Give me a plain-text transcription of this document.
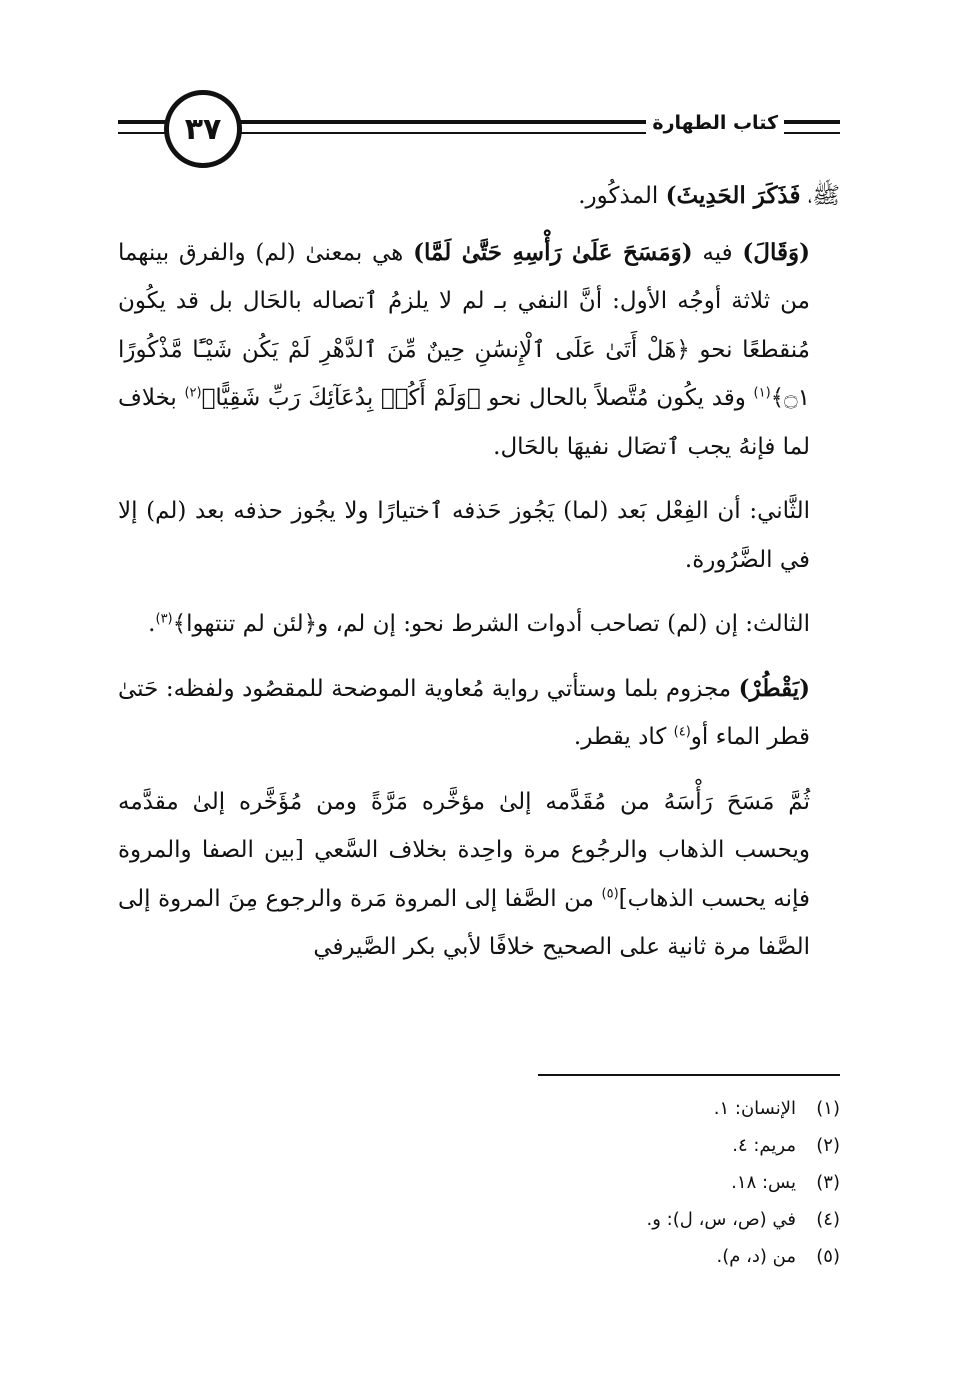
٣٧	كتاب الطهارة

ﷺ، فَذَكَرَ الحَدِيثَ) المذكُور.

(وَقَالَ) فيه (وَمَسَحَ عَلَىٰ رَأْسِهِ حَتَّىٰ لَمَّا) هي بمعنىٰ (لم) والفرق بينهما من ثلاثة أوجُه الأول: أنَّ النفي بـ لم لا يلزمُ ٱتصاله بالحَال بل قد يكُون مُنقطعًا نحو ﴿هَلْ أَتَىٰ عَلَى ٱلْإِنسَٰنِ حِينٌ مِّنَ ٱلدَّهْرِ لَمْ يَكُن شَيْـًٔا مَّذْكُورًا ۝١﴾$^{(١)}$ وقد يكُون مُتَّصلاً بالحال نحو ﴿وَلَمْ أَكُنۢ بِدُعَآئِكَ رَبِّ شَقِيًّا﴾$^{(٢)}$ بخلاف لما فإنهُ يجب ٱتصَال نفيهَا بالحَال.

الثَّاني: أن الفِعْل بَعد (لما) يَجُوز حَذفه ٱختيارًا ولا يجُوز حذفه بعد (لم) إلا في الضَّرُورة.

الثالث: إن (لم) تصاحب أدوات الشرط نحو: إن لم، و﴿لئن لم تنتهوا﴾$^{(٣)}$.

(يَقْطُرْ) مجزوم بلما وستأتي رواية مُعاوية الموضحة للمقصُود ولفظه: حَتىٰ قطر الماء أو$^{(٤)}$ كاد يقطر.

ثُمَّ مَسَحَ رَأْسَهُ من مُقَدَّمه إلىٰ مؤخَّره مَرَّةً ومن مُؤَخَّره إلىٰ مقدَّمه ويحسب الذهاب والرجُوع مرة واحِدة بخلاف السَّعي [بين الصفا والمروة فإنه يحسب الذهاب]$^{(٥)}$ من الصَّفا إلى المروة مَرة والرجوع مِنَ المروة إلى الصَّفا مرة ثانية على الصحيح خلافًا لأبي بكر الصَّيرفي

(١)
الإنسان: ١.
(٢)
مريم: ٤.
(٣)
يس: ١٨.
(٤)
في (ص، س، ل): و.
(٥)
من (د، م).
